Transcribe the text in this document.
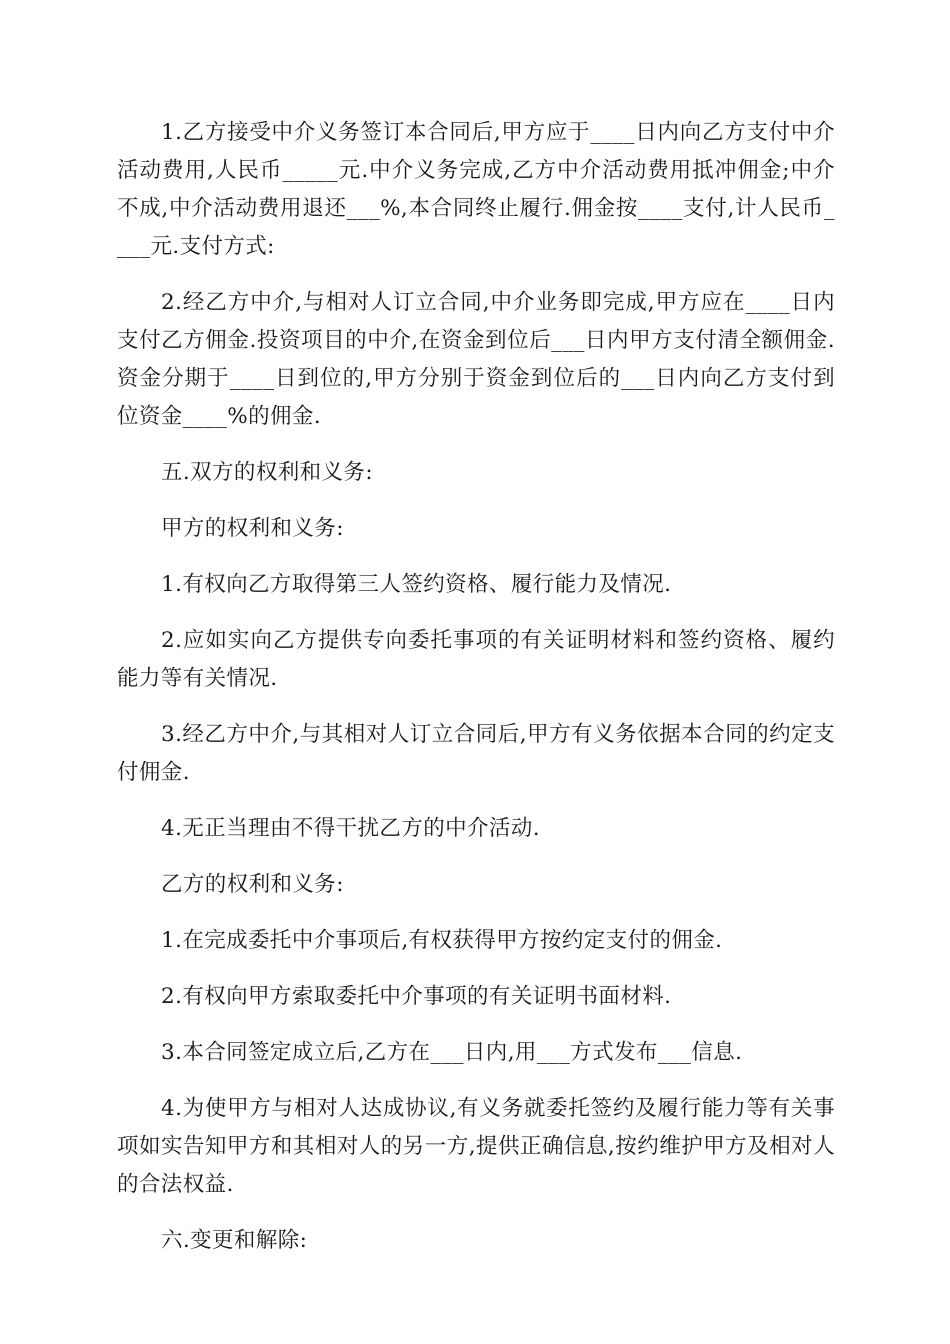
1.乙方接受中介义务签订本合同后,甲方应于____日内向乙方支付中介活动费用,人民币_____元.中介义务完成,乙方中介活动费用抵冲佣金;中介不成,中介活动费用退还___%,本合同终止履行.佣金按____支付,计人民币____元.支付方式:

2.经乙方中介,与相对人订立合同,中介业务即完成,甲方应在____日内支付乙方佣金.投资项目的中介,在资金到位后___日内甲方支付清全额佣金.资金分期于____日到位的,甲方分别于资金到位后的___日内向乙方支付到位资金____%的佣金.

五.双方的权利和义务:

甲方的权利和义务:

1.有权向乙方取得第三人签约资格、履行能力及情况.

2.应如实向乙方提供专向委托事项的有关证明材料和签约资格、履约能力等有关情况.

3.经乙方中介,与其相对人订立合同后,甲方有义务依据本合同的约定支付佣金.

4.无正当理由不得干扰乙方的中介活动.

乙方的权利和义务:

1.在完成委托中介事项后,有权获得甲方按约定支付的佣金.

2.有权向甲方索取委托中介事项的有关证明书面材料.

3.本合同签定成立后,乙方在___日内,用___方式发布___信息.

4.为使甲方与相对人达成协议,有义务就委托签约及履行能力等有关事项如实告知甲方和其相对人的另一方,提供正确信息,按约维护甲方及相对人的合法权益.

六.变更和解除:
